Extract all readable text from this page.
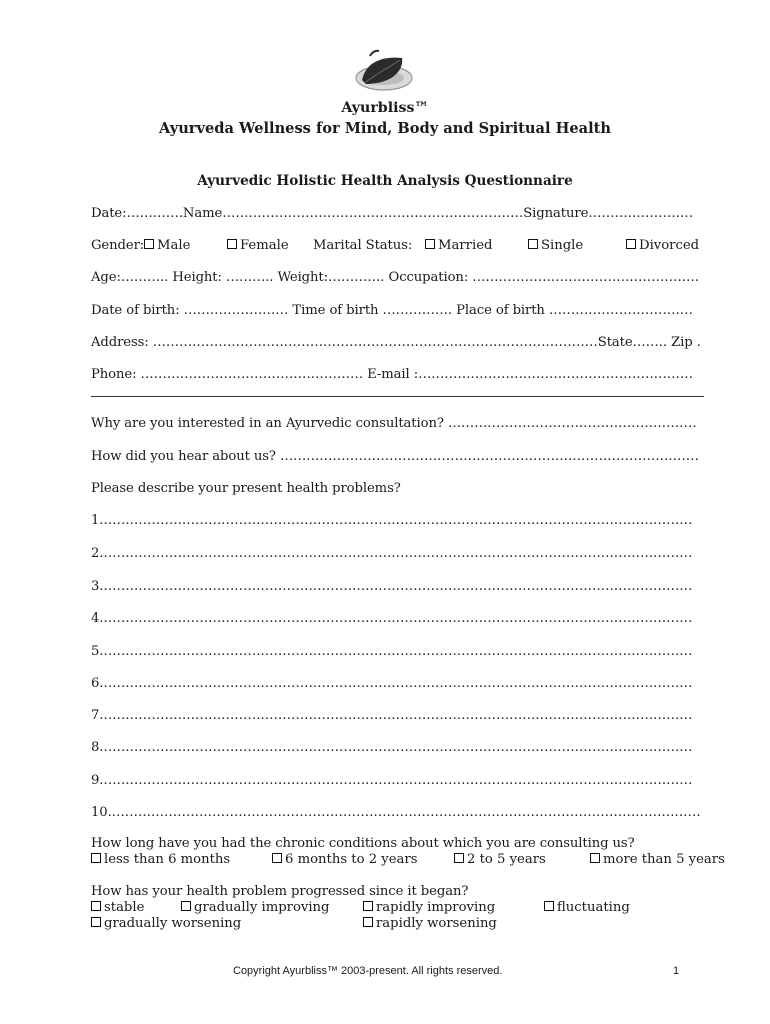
Ayurbliss™
Ayurveda Wellness for Mind, Body and Spiritual Health
Ayurvedic Holistic Health Analysis Questionnaire
Date:………….Name……………………………………………………………Signature……………………
Gender: Male	Female Marital Status:	Married	Single	Divorced
Age:……….. Height: ……….. Weight:…………. Occupation: …………………………………………….
Date of birth: …………………… Time of birth ……………. Place of birth ……………………………
Address: …………………………………………………………………………………………State…….. Zip .
Phone: …………………………………………… E-mail :………………………………………………………
Why are you interested in an Ayurvedic consultation? …………………………………………………
How did you hear about us? ……………………………………………………………………………………
Please describe your present health problems?
1.………………………………………………………………………………………………………………………
2.………………………………………………………………………………………………………………………
3.………………………………………………………………………………………………………………………
4.………………………………………………………………………………………………………………………
5.………………………………………………………………………………………………………………………
6.………………………………………………………………………………………………………………………
7.………………………………………………………………………………………………………………………
8.………………………………………………………………………………………………………………………
9.………………………………………………………………………………………………………………………
10.………………………………………………………………………………………………………………………
How long have you had the chronic conditions about which you are consulting us?
less than 6 months	6 months to 2 years	2 to 5 years	more than 5 years
How has your health problem progressed since it began?
stable	gradually improving	rapidly improving	fluctuating
gradually worsening	rapidly worsening
Copyright Ayurbliss™ 2003-present. All rights reserved.	1
